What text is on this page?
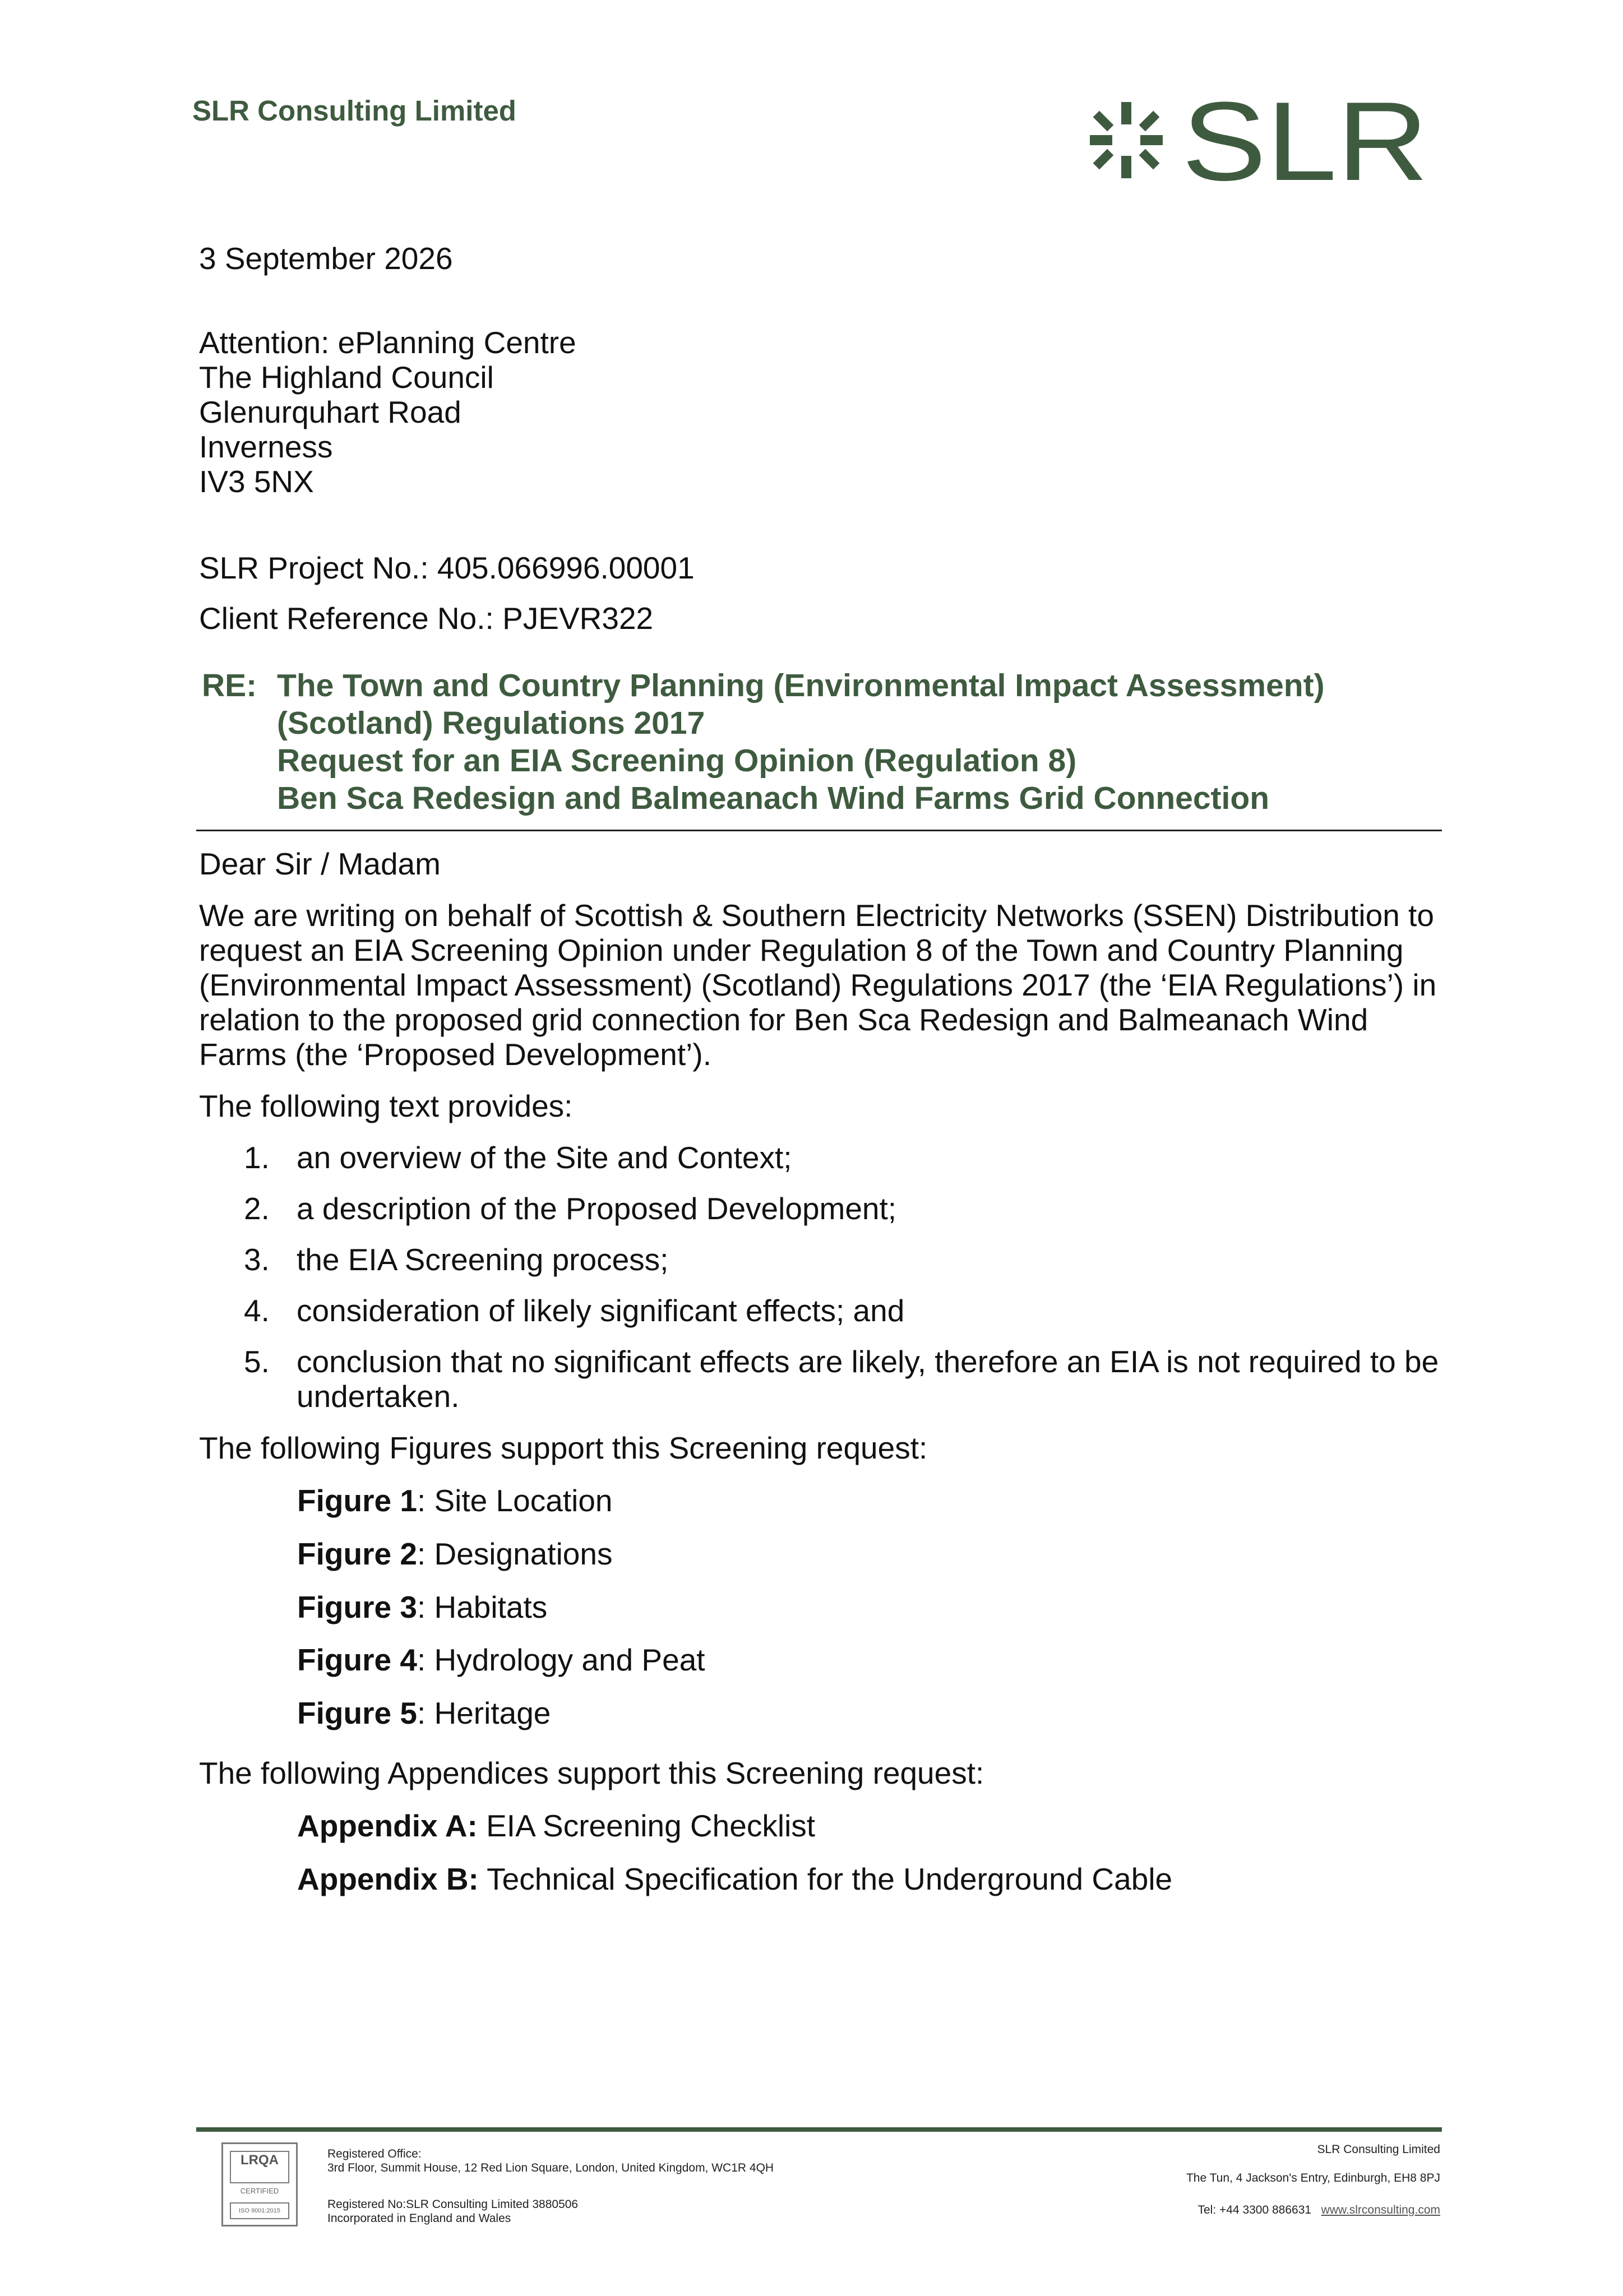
SLR Consulting Limited	SLR
3 September 2026
Attention: ePlanning Centre
The Highland Council
Glenurquhart Road
Inverness
IV3 5NX
SLR Project No.: 405.066996.00001
Client Reference No.: PJEVR322
RE: The Town and Country Planning (Environmental Impact Assessment)
(Scotland) Regulations 2017
Request for an EIA Screening Opinion (Regulation 8)
Ben Sca Redesign and Balmeanach Wind Farms Grid Connection
Dear Sir / Madam
We are writing on behalf of Scottish & Southern Electricity Networks (SSEN) Distribution to request an EIA Screening Opinion under Regulation 8 of the Town and Country Planning (Environmental Impact Assessment) (Scotland) Regulations 2017 (the ‘EIA Regulations’) in relation to the proposed grid connection for Ben Sca Redesign and Balmeanach Wind Farms (the ‘Proposed Development’).
The following text provides:
1. an overview of the Site and Context;
2. a description of the Proposed Development;
3. the EIA Screening process;
4. consideration of likely significant effects; and
5. conclusion that no significant effects are likely, therefore an EIA is not required to be undertaken.
The following Figures support this Screening request:
Figure 1: Site Location
Figure 2: Designations
Figure 3: Habitats
Figure 4: Hydrology and Peat
Figure 5: Heritage
The following Appendices support this Screening request:
Appendix A: EIA Screening Checklist
Appendix B: Technical Specification for the Underground Cable
LRQA
CERTIFIED
ISO 9001:2015
Registered Office:
3rd Floor, Summit House, 12 Red Lion Square, London, United Kingdom, WC1R 4QH
Registered No:SLR Consulting Limited 3880506
Incorporated in England and Wales
SLR Consulting Limited
The Tun, 4 Jackson's Entry, Edinburgh, EH8 8PJ
Tel: +44 3300 886631 www.slrconsulting.com
